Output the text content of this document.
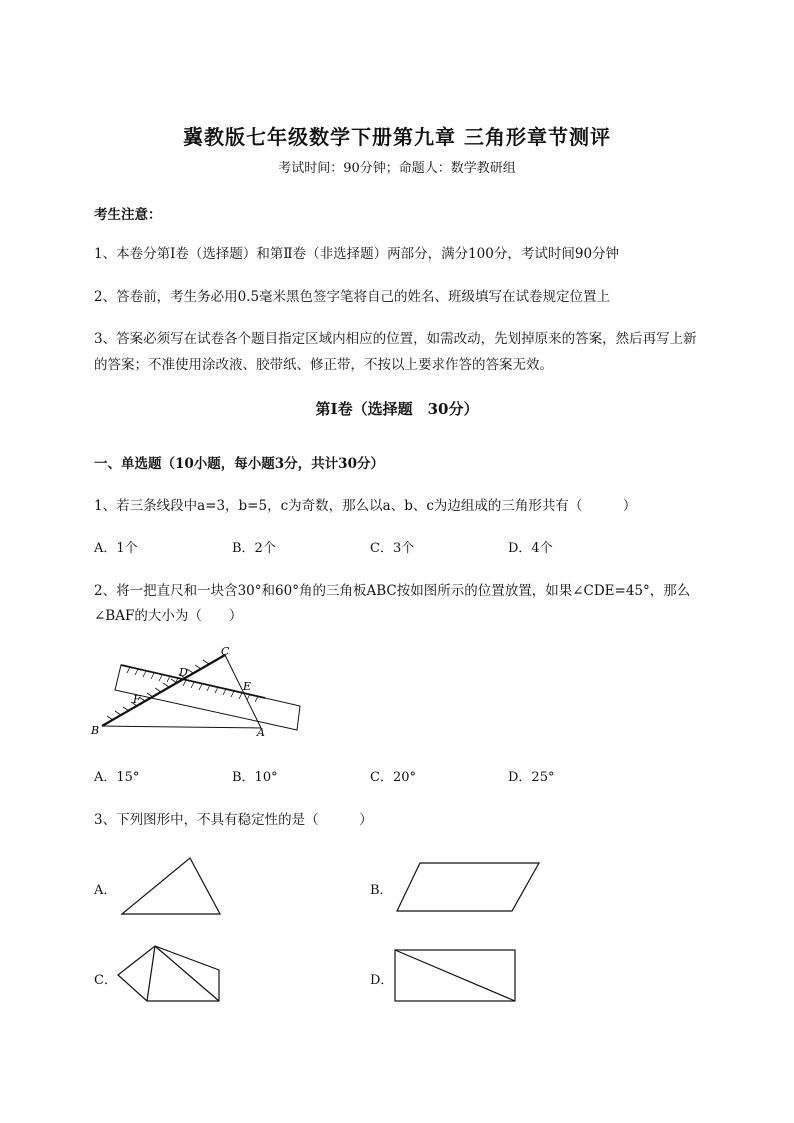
冀教版七年级数学下册第九章 三角形章节测评
考试时间：90分钟；命题人：数学教研组
考生注意：
1、本卷分第I卷（选择题）和第Ⅱ卷（非选择题）两部分，满分100分，考试时间90分钟
2、答卷前，考生务必用0.5毫米黑色签字笔将自己的姓名、班级填写在试卷规定位置上
3、答案必须写在试卷各个题目指定区域内相应的位置，如需改动，先划掉原来的答案，然后再写上新
的答案；不准使用涂改液、胶带纸、修正带，不按以上要求作答的答案无效。
第I卷（选择题　30分）
一、单选题（10小题，每小题3分，共计30分）
1、若三条线段中a=3，b=5，c为奇数，那么以a、b、c为边组成的三角形共有（　　　）
A．1个	B．2个	C．3个	D．4个
2、将一把直尺和一块含30°和60°角的三角板ABC按如图所示的位置放置，如果∠CDE=45°，那么
∠BAF的大小为（　　）
C
D
E
F
B	A
A．15°	B．10°	C．20°	D．25°
3、下列图形中，不具有稳定性的是（　　　）
A．	B．
C．	D．
